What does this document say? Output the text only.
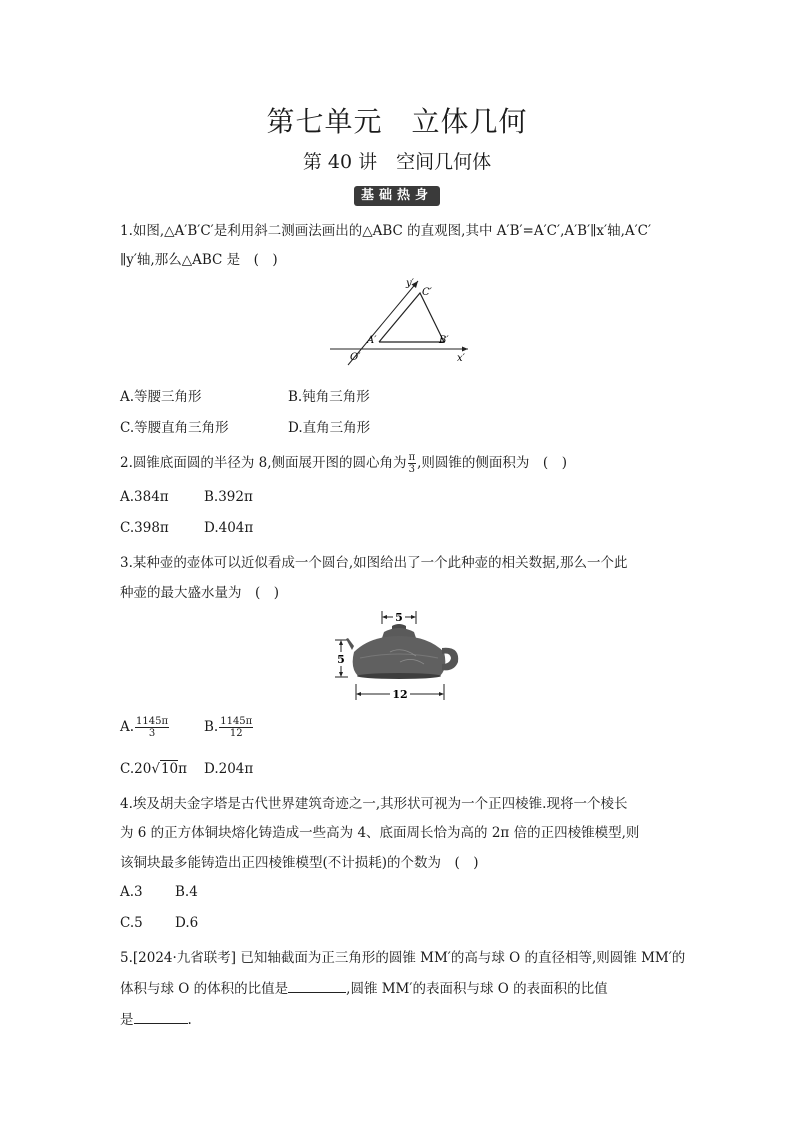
第七单元　立体几何
第 40 讲　空间几何体
基础热身
1.如图,△A′B′C′是利用斜二测画法画出的△ABC 的直观图,其中 A′B′=A′C′,A′B′∥x′轴,A′C′
∥y′轴,那么△ABC 是　(　)
y′
C′
A′	B′
O′	x′
A.等腰三角形	B.钝角三角形
C.等腰直角三角形	D.直角三角形
2.圆锥底面圆的半径为 8,侧面展开图的圆心角为 $\frac{\pi}{3}$ ,则圆锥的侧面积为　(　)
A.384π	B.392π
C.398π	D.404π
3.某种壶的壶体可以近似看成一个圆台,如图给出了一个此种壶的相关数据,那么一个此
种壶的最大盛水量为　(　)
5
5
12
A. $\frac{1145\pi}{3}$	B. $\frac{1145\pi}{12}$
C.20√10π D.204π
4.埃及胡夫金字塔是古代世界建筑奇迹之一,其形状可视为一个正四棱锥.现将一个棱长
为 6 的正方体铜块熔化铸造成一些高为 4、底面周长恰为高的 2π 倍的正四棱锥模型,则
该铜块最多能铸造出正四棱锥模型(不计损耗)的个数为　(　)
A.3 B.4
C.5 D.6
5.[2024·九省联考] 已知轴截面为正三角形的圆锥 MM′的高与球 O 的直径相等,则圆锥 MM′的
体积与球 O 的体积的比值是	,圆锥 MM′的表面积与球 O 的表面积的比值
是	.
